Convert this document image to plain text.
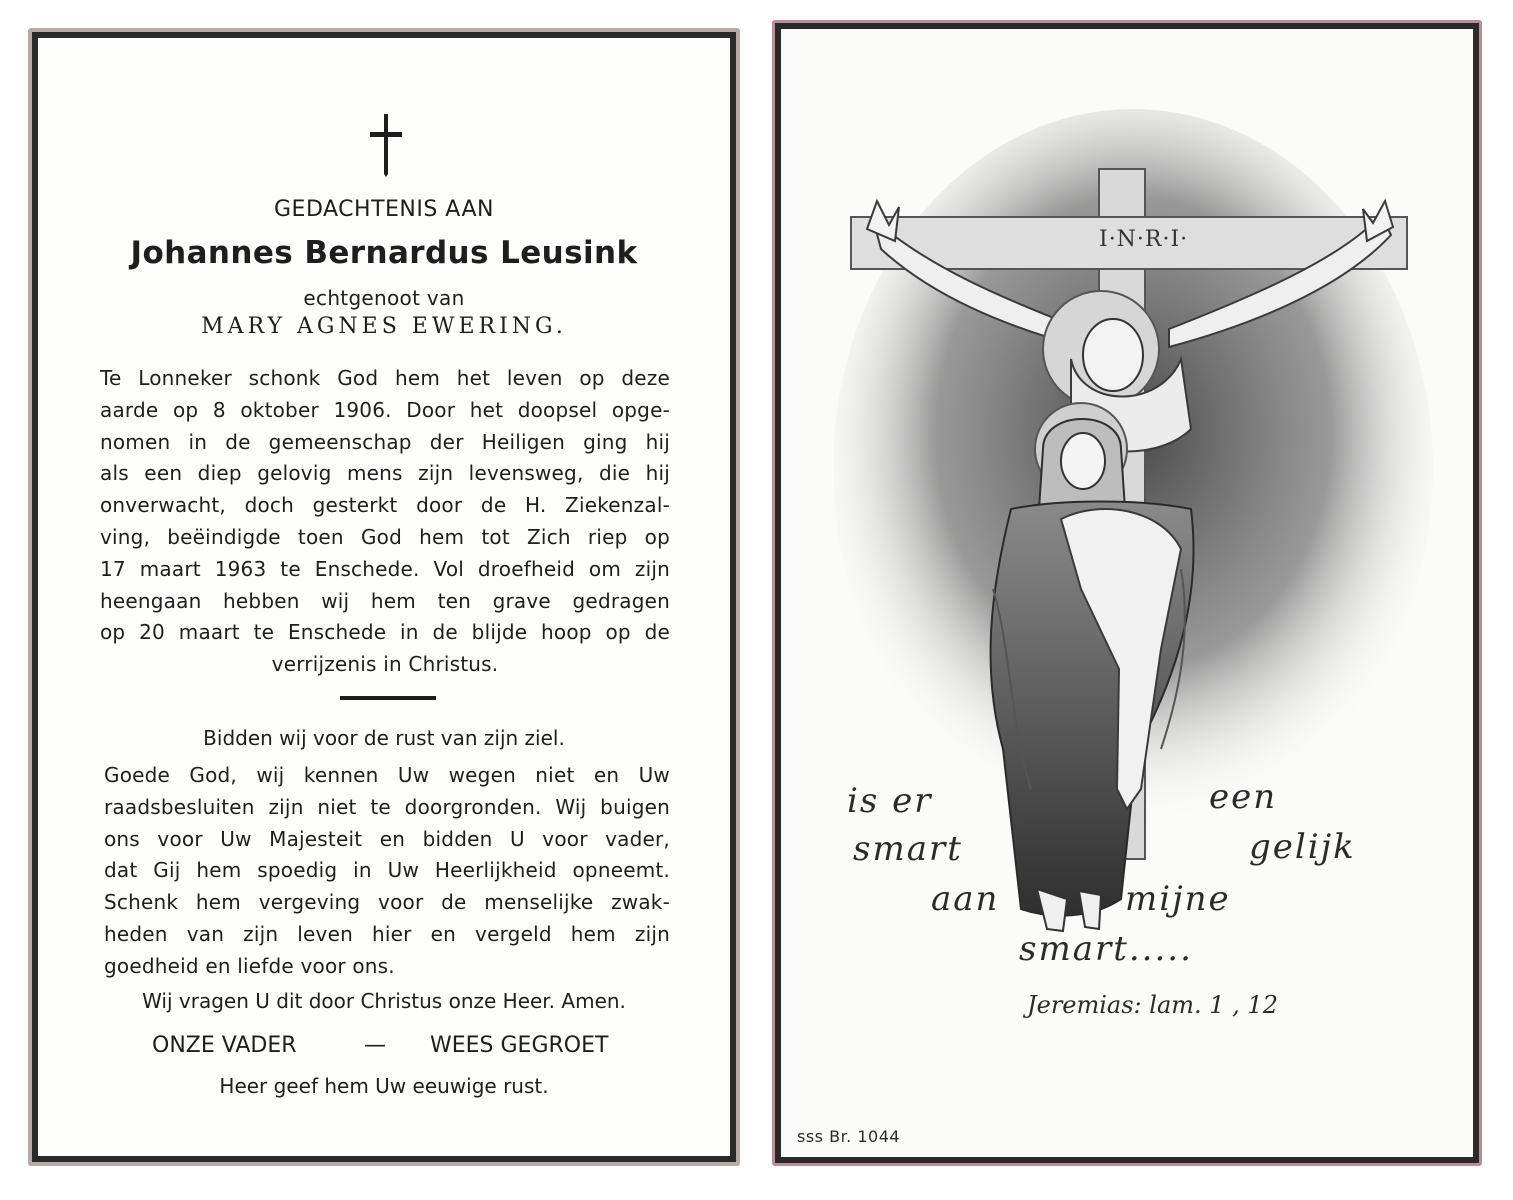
GEDACHTENIS AAN
Johannes Bernardus Leusink
echtgenoot van
MARY AGNES EWERING.
Te Lonneker schonk God hem het leven op deze
aarde op 8 oktober 1906. Door het doopsel opge-
nomen in de gemeenschap der Heiligen ging hij
als een diep gelovig mens zijn levensweg, die hij
onverwacht, doch gesterkt door de H. Ziekenzal-
ving, beëindigde toen God hem tot Zich riep op
17 maart 1963 te Enschede. Vol droefheid om zijn
heengaan hebben wij hem ten grave gedragen
op 20 maart te Enschede in de blijde hoop op de
verrijzenis in Christus.
Bidden wij voor de rust van zijn ziel.
Goede God, wij kennen Uw wegen niet en Uw
raadsbesluiten zijn niet te doorgronden. Wij buigen
ons voor Uw Majesteit en bidden U voor vader,
dat Gij hem spoedig in Uw Heerlijkheid opneemt.
Schenk hem vergeving voor de menselijke zwak-
heden van zijn leven hier en vergeld hem zijn
goedheid en liefde voor ons.
Wij vragen U dit door Christus onze Heer. Amen.
ONZE VADER	— WEES GEGROET
Heer geef hem Uw eeuwige rust.
I·N·R·I·
is er	een
smart	gelijk
aan	mijne
smart.....
Jeremias: lam. 1 , 12
sss Br. 1044
